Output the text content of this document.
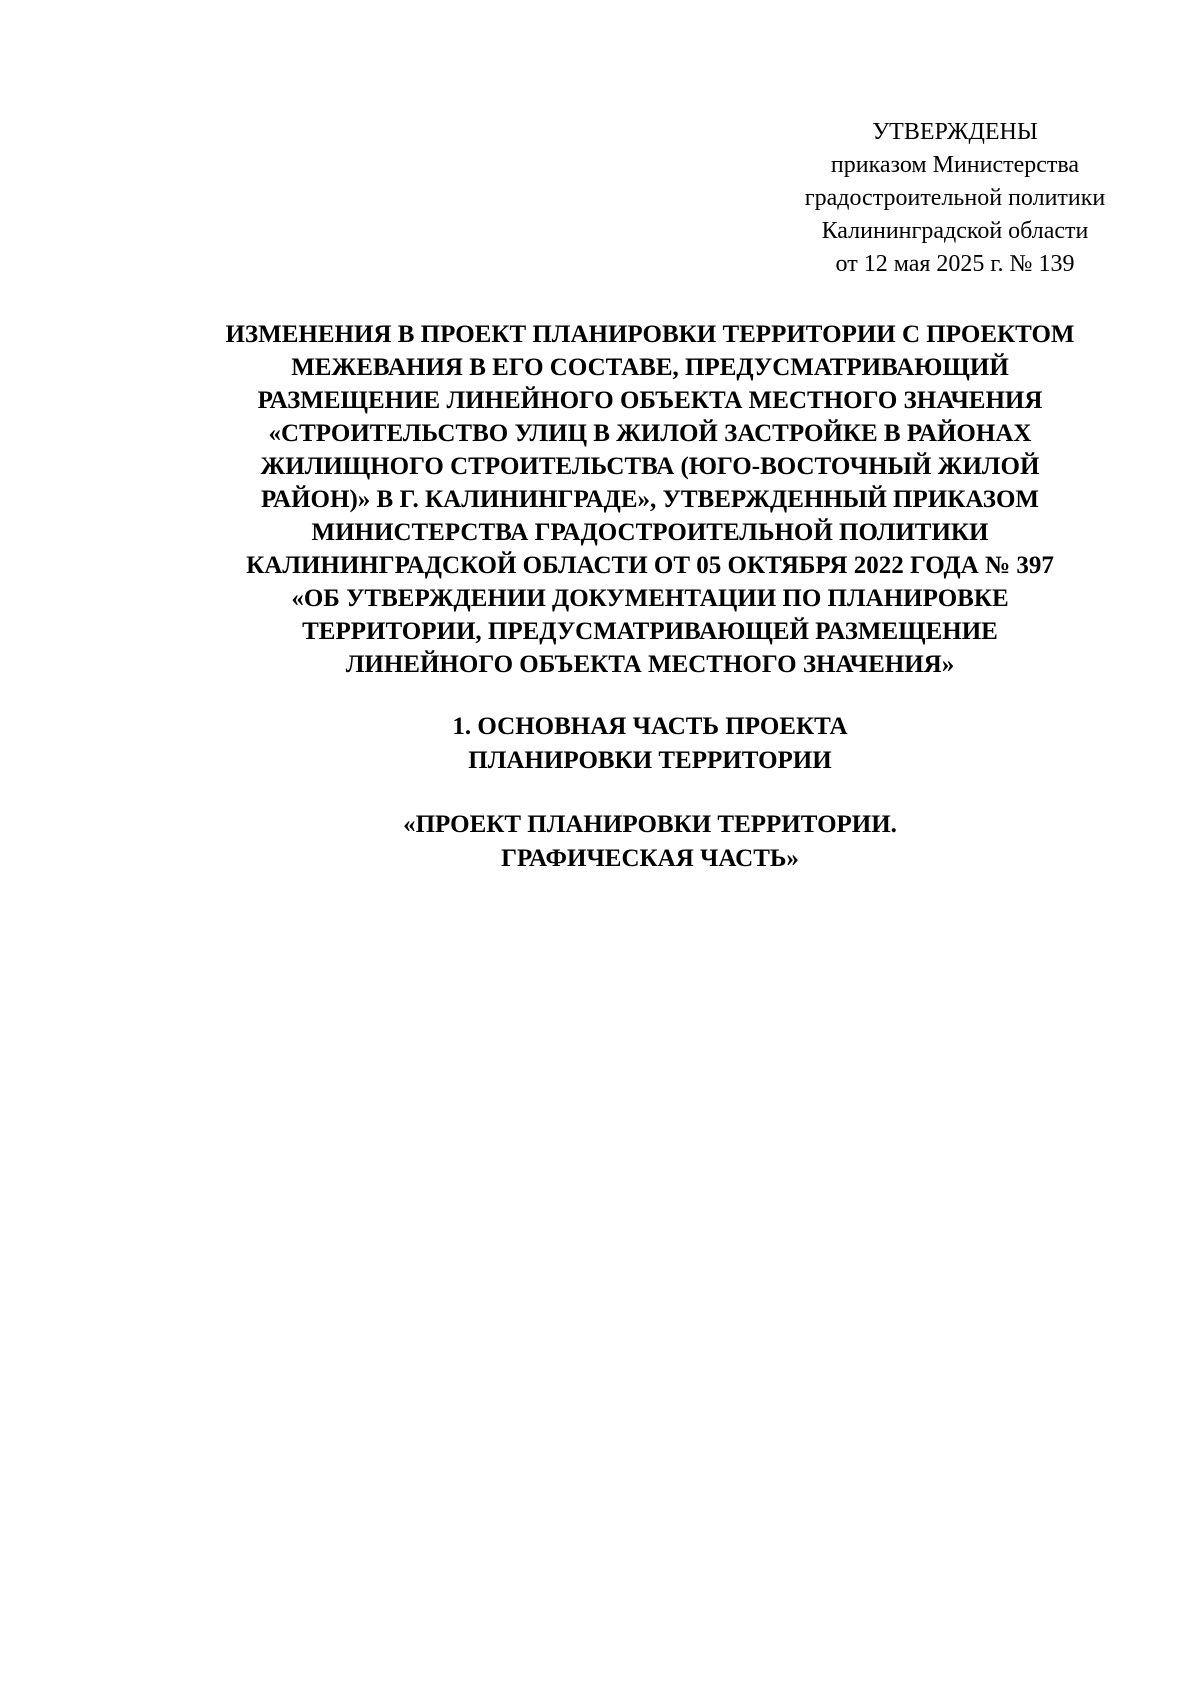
УТВЕРЖДЕНЫ
приказом Министерства
градостроительной политики
Калининградской области
от 12 мая 2025 г. № 139
ИЗМЕНЕНИЯ В ПРОЕКТ ПЛАНИРОВКИ ТЕРРИТОРИИ С ПРОЕКТОМ
МЕЖЕВАНИЯ В ЕГО СОСТАВЕ, ПРЕДУСМАТРИВАЮЩИЙ
РАЗМЕЩЕНИЕ ЛИНЕЙНОГО ОБЪЕКТА МЕСТНОГО ЗНАЧЕНИЯ
«СТРОИТЕЛЬСТВО УЛИЦ В ЖИЛОЙ ЗАСТРОЙКЕ В РАЙОНАХ
ЖИЛИЩНОГО СТРОИТЕЛЬСТВА (ЮГО-ВОСТОЧНЫЙ ЖИЛОЙ
РАЙОН)» В Г. КАЛИНИНГРАДЕ», УТВЕРЖДЕННЫЙ ПРИКАЗОМ
МИНИСТЕРСТВА ГРАДОСТРОИТЕЛЬНОЙ ПОЛИТИКИ
КАЛИНИНГРАДСКОЙ ОБЛАСТИ ОТ 05 ОКТЯБРЯ 2022 ГОДА № 397
«ОБ УТВЕРЖДЕНИИ ДОКУМЕНТАЦИИ ПО ПЛАНИРОВКЕ
ТЕРРИТОРИИ, ПРЕДУСМАТРИВАЮЩЕЙ РАЗМЕЩЕНИЕ
ЛИНЕЙНОГО ОБЪЕКТА МЕСТНОГО ЗНАЧЕНИЯ»
1. ОСНОВНАЯ ЧАСТЬ ПРОЕКТА
ПЛАНИРОВКИ ТЕРРИТОРИИ
«ПРОЕКТ ПЛАНИРОВКИ ТЕРРИТОРИИ.
ГРАФИЧЕСКАЯ ЧАСТЬ»
